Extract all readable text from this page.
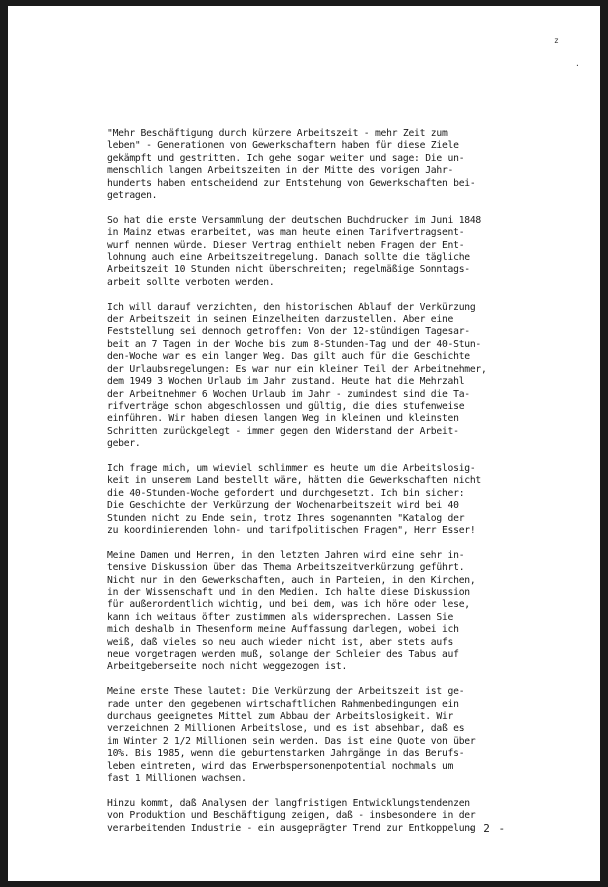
z
·
"Mehr Beschäftigung durch kürzere Arbeitszeit - mehr Zeit zum
leben" - Generationen von Gewerkschaftern haben für diese Ziele
gekämpft und gestritten. Ich gehe sogar weiter und sage: Die un-
menschlich langen Arbeitszeiten in der Mitte des vorigen Jahr-
hunderts haben entscheidend zur Entstehung von Gewerkschaften bei-
getragen.
So hat die erste Versammlung der deutschen Buchdrucker im Juni 1848
in Mainz etwas erarbeitet, was man heute einen Tarifvertragsent-
wurf nennen würde. Dieser Vertrag enthielt neben Fragen der Ent-
lohnung auch eine Arbeitszeitregelung. Danach sollte die tägliche
Arbeitszeit 10 Stunden nicht überschreiten; regelmäßige Sonntags-
arbeit sollte verboten werden.
Ich will darauf verzichten, den historischen Ablauf der Verkürzung
der Arbeitszeit in seinen Einzelheiten darzustellen. Aber eine
Feststellung sei dennoch getroffen: Von der 12-stündigen Tagesar-
beit an 7 Tagen in der Woche bis zum 8-Stunden-Tag und der 40-Stun-
den-Woche war es ein langer Weg. Das gilt auch für die Geschichte
der Urlaubsregelungen: Es war nur ein kleiner Teil der Arbeitnehmer,
dem 1949 3 Wochen Urlaub im Jahr zustand. Heute hat die Mehrzahl
der Arbeitnehmer 6 Wochen Urlaub im Jahr - zumindest sind die Ta-
rifverträge schon abgeschlossen und gültig, die dies stufenweise
einführen. Wir haben diesen langen Weg in kleinen und kleinsten
Schritten zurückgelegt - immer gegen den Widerstand der Arbeit-
geber.
Ich frage mich, um wieviel schlimmer es heute um die Arbeitslosig-
keit in unserem Land bestellt wäre, hätten die Gewerkschaften nicht
die 40-Stunden-Woche gefordert und durchgesetzt. Ich bin sicher:
Die Geschichte der Verkürzung der Wochenarbeitszeit wird bei 40
Stunden nicht zu Ende sein, trotz Ihres sogenannten "Katalog der
zu koordinierenden lohn- und tarifpolitischen Fragen", Herr Esser!
Meine Damen und Herren, in den letzten Jahren wird eine sehr in-
tensive Diskussion über das Thema Arbeitszeitverkürzung geführt.
Nicht nur in den Gewerkschaften, auch in Parteien, in den Kirchen,
in der Wissenschaft und in den Medien. Ich halte diese Diskussion
für außerordentlich wichtig, und bei dem, was ich höre oder lese,
kann ich weitaus öfter zustimmen als widersprechen. Lassen Sie
mich deshalb in Thesenform meine Auffassung darlegen, wobei ich
weiß, daß vieles so neu auch wieder nicht ist, aber stets aufs
neue vorgetragen werden muß, solange der Schleier des Tabus auf
Arbeitgeberseite noch nicht weggezogen ist.
Meine erste These lautet: Die Verkürzung der Arbeitszeit ist ge-
rade unter den gegebenen wirtschaftlichen Rahmenbedingungen ein
durchaus geeignetes Mittel zum Abbau der Arbeitslosigkeit. Wir
verzeichnen 2 Millionen Arbeitslose, und es ist absehbar, daß es
im Winter 2 1/2 Millionen sein werden. Das ist eine Quote von über
10%. Bis 1985, wenn die geburtenstarken Jahrgänge in das Berufs-
leben eintreten, wird das Erwerbspersonenpotential nochmals um
fast 1 Millionen wachsen.
Hinzu kommt, daß Analysen der langfristigen Entwicklungstendenzen
von Produktion und Beschäftigung zeigen, daß - insbesondere in der
verarbeitenden Industrie - ein ausgeprägter Trend zur Entkoppelung
- 2 -
